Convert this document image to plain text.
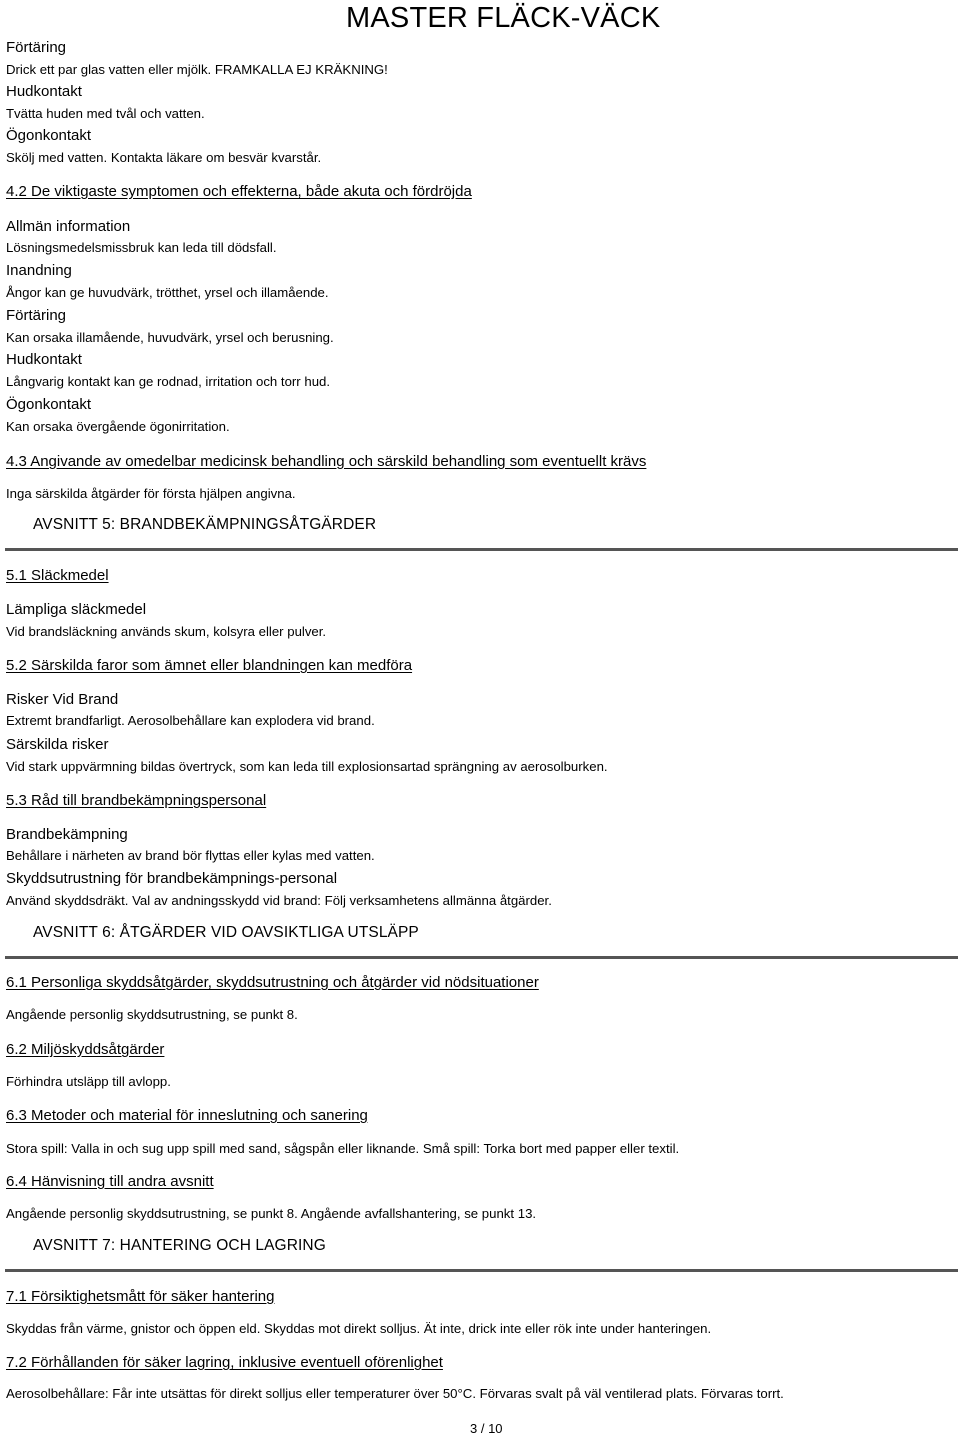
MASTER FLÄCK-VÄCK
Förtäring
Drick ett par glas vatten eller mjölk. FRAMKALLA EJ KRÄKNING!
Hudkontakt
Tvätta huden med tvål och vatten.
Ögonkontakt
Skölj med vatten. Kontakta läkare om besvär kvarstår.
4.2 De viktigaste symptomen och effekterna, både akuta och fördröjda
Allmän information
Lösningsmedelsmissbruk kan leda till dödsfall.
Inandning
Ångor kan ge huvudvärk, trötthet, yrsel och illamående.
Förtäring
Kan orsaka illamående, huvudvärk, yrsel och berusning.
Hudkontakt
Långvarig kontakt kan ge rodnad, irritation och torr hud.
Ögonkontakt
Kan orsaka övergående ögonirritation.
4.3 Angivande av omedelbar medicinsk behandling och särskild behandling som eventuellt krävs
Inga särskilda åtgärder för första hjälpen angivna.
AVSNITT 5: BRANDBEKÄMPNINGSÅTGÄRDER
5.1 Släckmedel
Lämpliga släckmedel
Vid brandsläckning används skum, kolsyra eller pulver.
5.2 Särskilda faror som ämnet eller blandningen kan medföra
Risker Vid Brand
Extremt brandfarligt. Aerosolbehållare kan explodera vid brand.
Särskilda risker
Vid stark uppvärmning bildas övertryck, som kan leda till explosionsartad sprängning av aerosolburken.
5.3 Råd till brandbekämpningspersonal
Brandbekämpning
Behållare i närheten av brand bör flyttas eller kylas med vatten.
Skyddsutrustning för brandbekämpnings-personal
Använd skyddsdräkt. Val av andningsskydd vid brand: Följ verksamhetens allmänna åtgärder.
AVSNITT 6: ÅTGÄRDER VID OAVSIKTLIGA UTSLÄPP
6.1 Personliga skyddsåtgärder, skyddsutrustning och åtgärder vid nödsituationer
Angående personlig skyddsutrustning, se punkt 8.
6.2 Miljöskyddsåtgärder
Förhindra utsläpp till avlopp.
6.3 Metoder och material för inneslutning och sanering
Stora spill: Valla in och sug upp spill med sand, sågspån eller liknande. Små spill: Torka bort med papper eller textil.
6.4 Hänvisning till andra avsnitt
Angående personlig skyddsutrustning, se punkt 8. Angående avfallshantering, se punkt 13.
AVSNITT 7: HANTERING OCH LAGRING
7.1 Försiktighetsmått för säker hantering
Skyddas från värme, gnistor och öppen eld. Skyddas mot direkt solljus. Ät inte, drick inte eller rök inte under hanteringen.
7.2 Förhållanden för säker lagring, inklusive eventuell oförenlighet
Aerosolbehållare: Får inte utsättas för direkt solljus eller temperaturer över 50°C. Förvaras svalt på väl ventilerad plats. Förvaras torrt.
3 / 10
